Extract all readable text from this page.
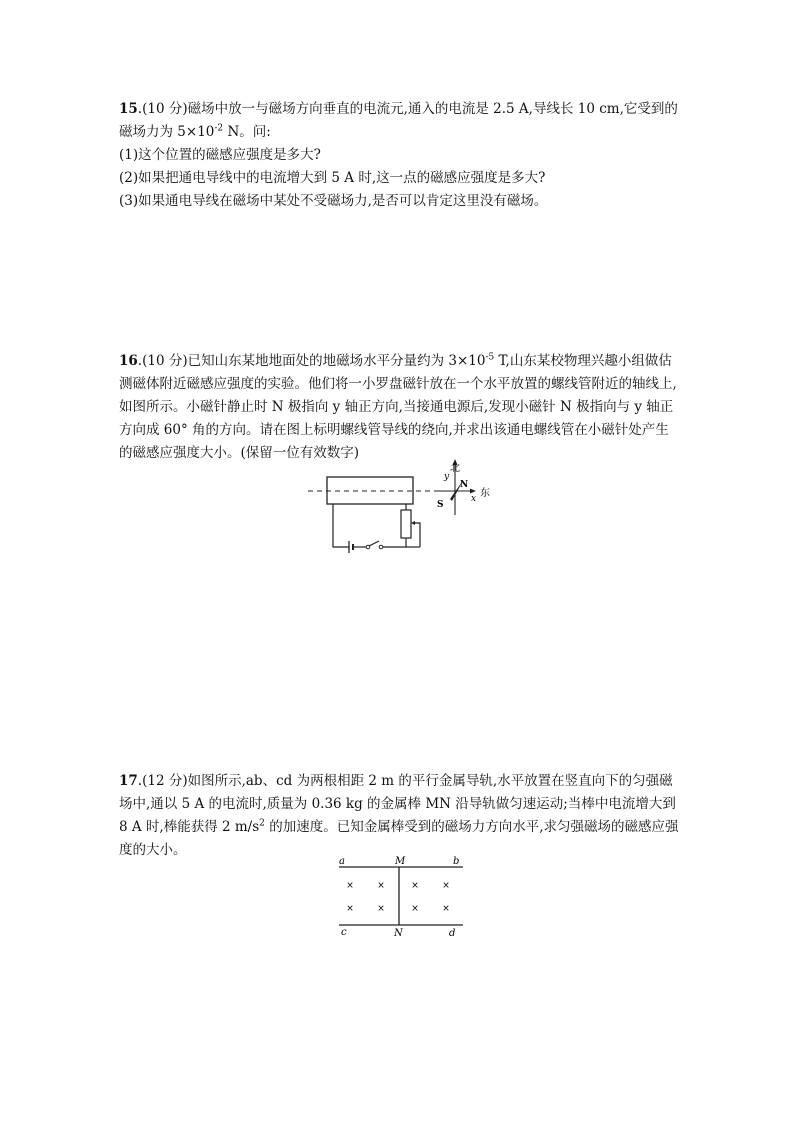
15.(10 分)磁场中放一与磁场方向垂直的电流元,通入的电流是 2.5 A,导线长 10 cm,它受到的磁场力为 $5\times 10^{-2}$ N。问:

(1)这个位置的磁感应强度是多大?

(2)如果把通电导线中的电流增大到 5 A 时,这一点的磁感应强度是多大?

(3)如果通电导线在磁场中某处不受磁场力,是否可以肯定这里没有磁场。

16.(10 分)已知山东某地地面处的地磁场水平分量约为 $3\times 10^{-5}$ T,山东某校物理兴趣小组做估测磁体附近磁感应强度的实验。他们将一小罗盘磁针放在一个水平放置的螺线管附近的轴线上,如图所示。小磁针静止时 N 极指向 y 轴正方向,当接通电源后,发现小磁针 N 极指向与 y 轴正方向成 60° 角的方向。请在图上标明螺线管导线的绕向,并求出该通电螺线管在小磁针处产生的磁感应强度大小。(保留一位有效数字)

北
y
N
S
x 东

17.(12 分)如图所示,ab、cd 为两根相距 2 m 的平行金属导轨,水平放置在竖直向下的匀强磁场中,通以 5 A 的电流时,质量为 0.36 kg 的金属棒 MN 沿导轨做匀速运动;当棒中电流增大到 8 A 时,棒能获得 2 $m/s^2$ 的加速度。已知金属棒受到的磁场力方向水平,求匀强磁场的磁感应强度的大小。

a	M	b
c	N	d
×	×	×	×
×	×	×	×
